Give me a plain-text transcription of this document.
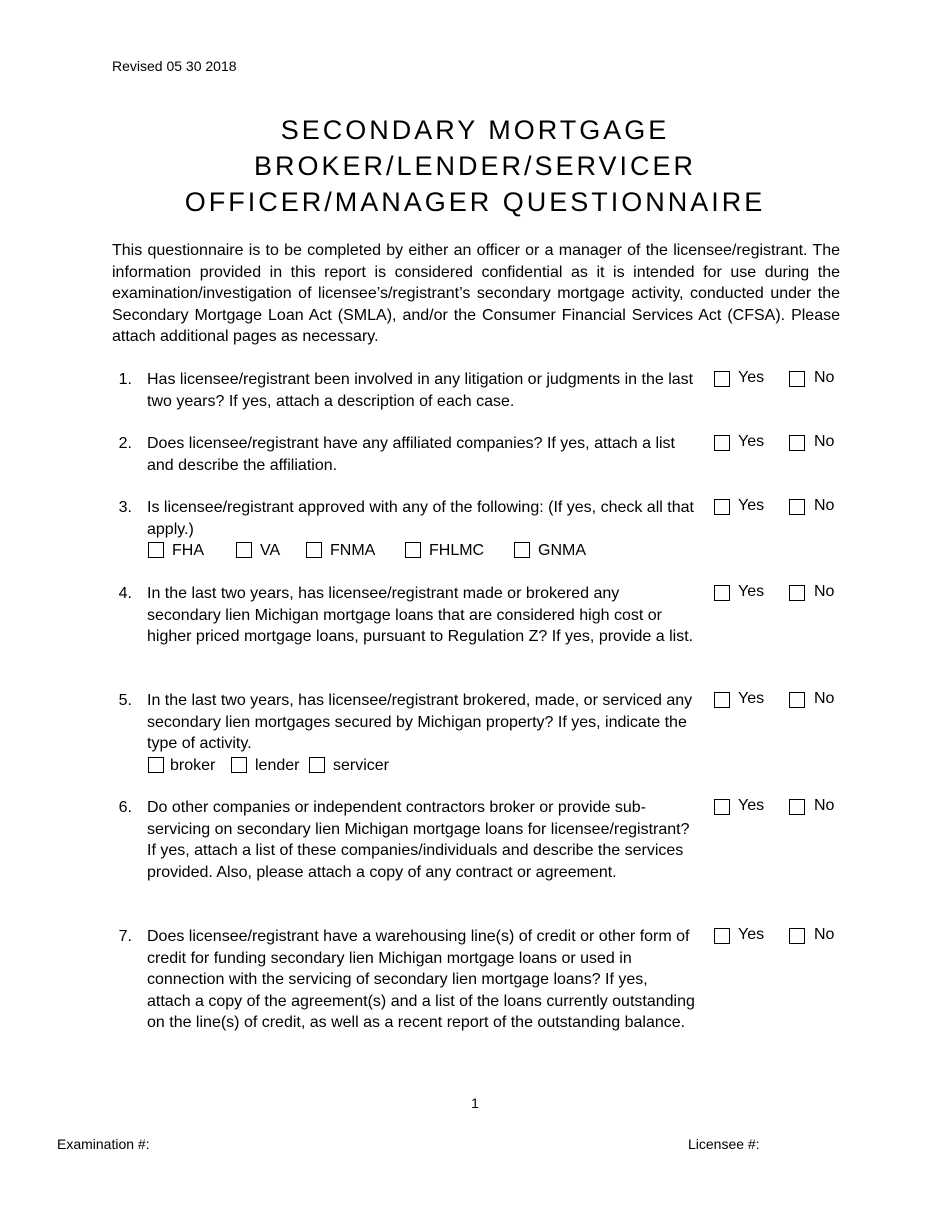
Revised 05 30 2018
SECONDARY MORTGAGE
BROKER/LENDER/SERVICER
OFFICER/MANAGER QUESTIONNAIRE
This questionnaire is to be completed by either an officer or a manager of the licensee/registrant. The information provided in this report is considered confidential as it is intended for use during the examination/investigation of licensee’s/registrant’s secondary mortgage activity, conducted under the Secondary Mortgage Loan Act (SMLA), and/or the Consumer Financial Services Act (CFSA). Please attach additional pages as necessary.
1. Has licensee/registrant been involved in any litigation or judgments in the last two years? If yes, attach a description of each case.
Yes	No
2. Does licensee/registrant have any affiliated companies? If yes, attach a list and describe the affiliation.
Yes	No
3. Is licensee/registrant approved with any of the following: (If yes, check all that apply.)
FHA	VA	FNMA	FHLMC	GNMA
Yes	No
4. In the last two years, has licensee/registrant made or brokered any secondary lien Michigan mortgage loans that are considered high cost or higher priced mortgage loans, pursuant to Regulation Z? If yes, provide a list.
Yes	No
5. In the last two years, has licensee/registrant brokered, made, or serviced any secondary lien mortgages secured by Michigan property? If yes, indicate the type of activity.
broker	lender	servicer
Yes	No
6. Do other companies or independent contractors broker or provide sub-servicing on secondary lien Michigan mortgage loans for licensee/registrant? If yes, attach a list of these companies/individuals and describe the services provided. Also, please attach a copy of any contract or agreement.
Yes	No
7. Does licensee/registrant have a warehousing line(s) of credit or other form of credit for funding secondary lien Michigan mortgage loans or used in connection with the servicing of secondary lien mortgage loans? If yes, attach a copy of the agreement(s) and a list of the loans currently outstanding on the line(s) of credit, as well as a recent report of the outstanding balance.
Yes	No
1
Examination #:	Licensee #:
